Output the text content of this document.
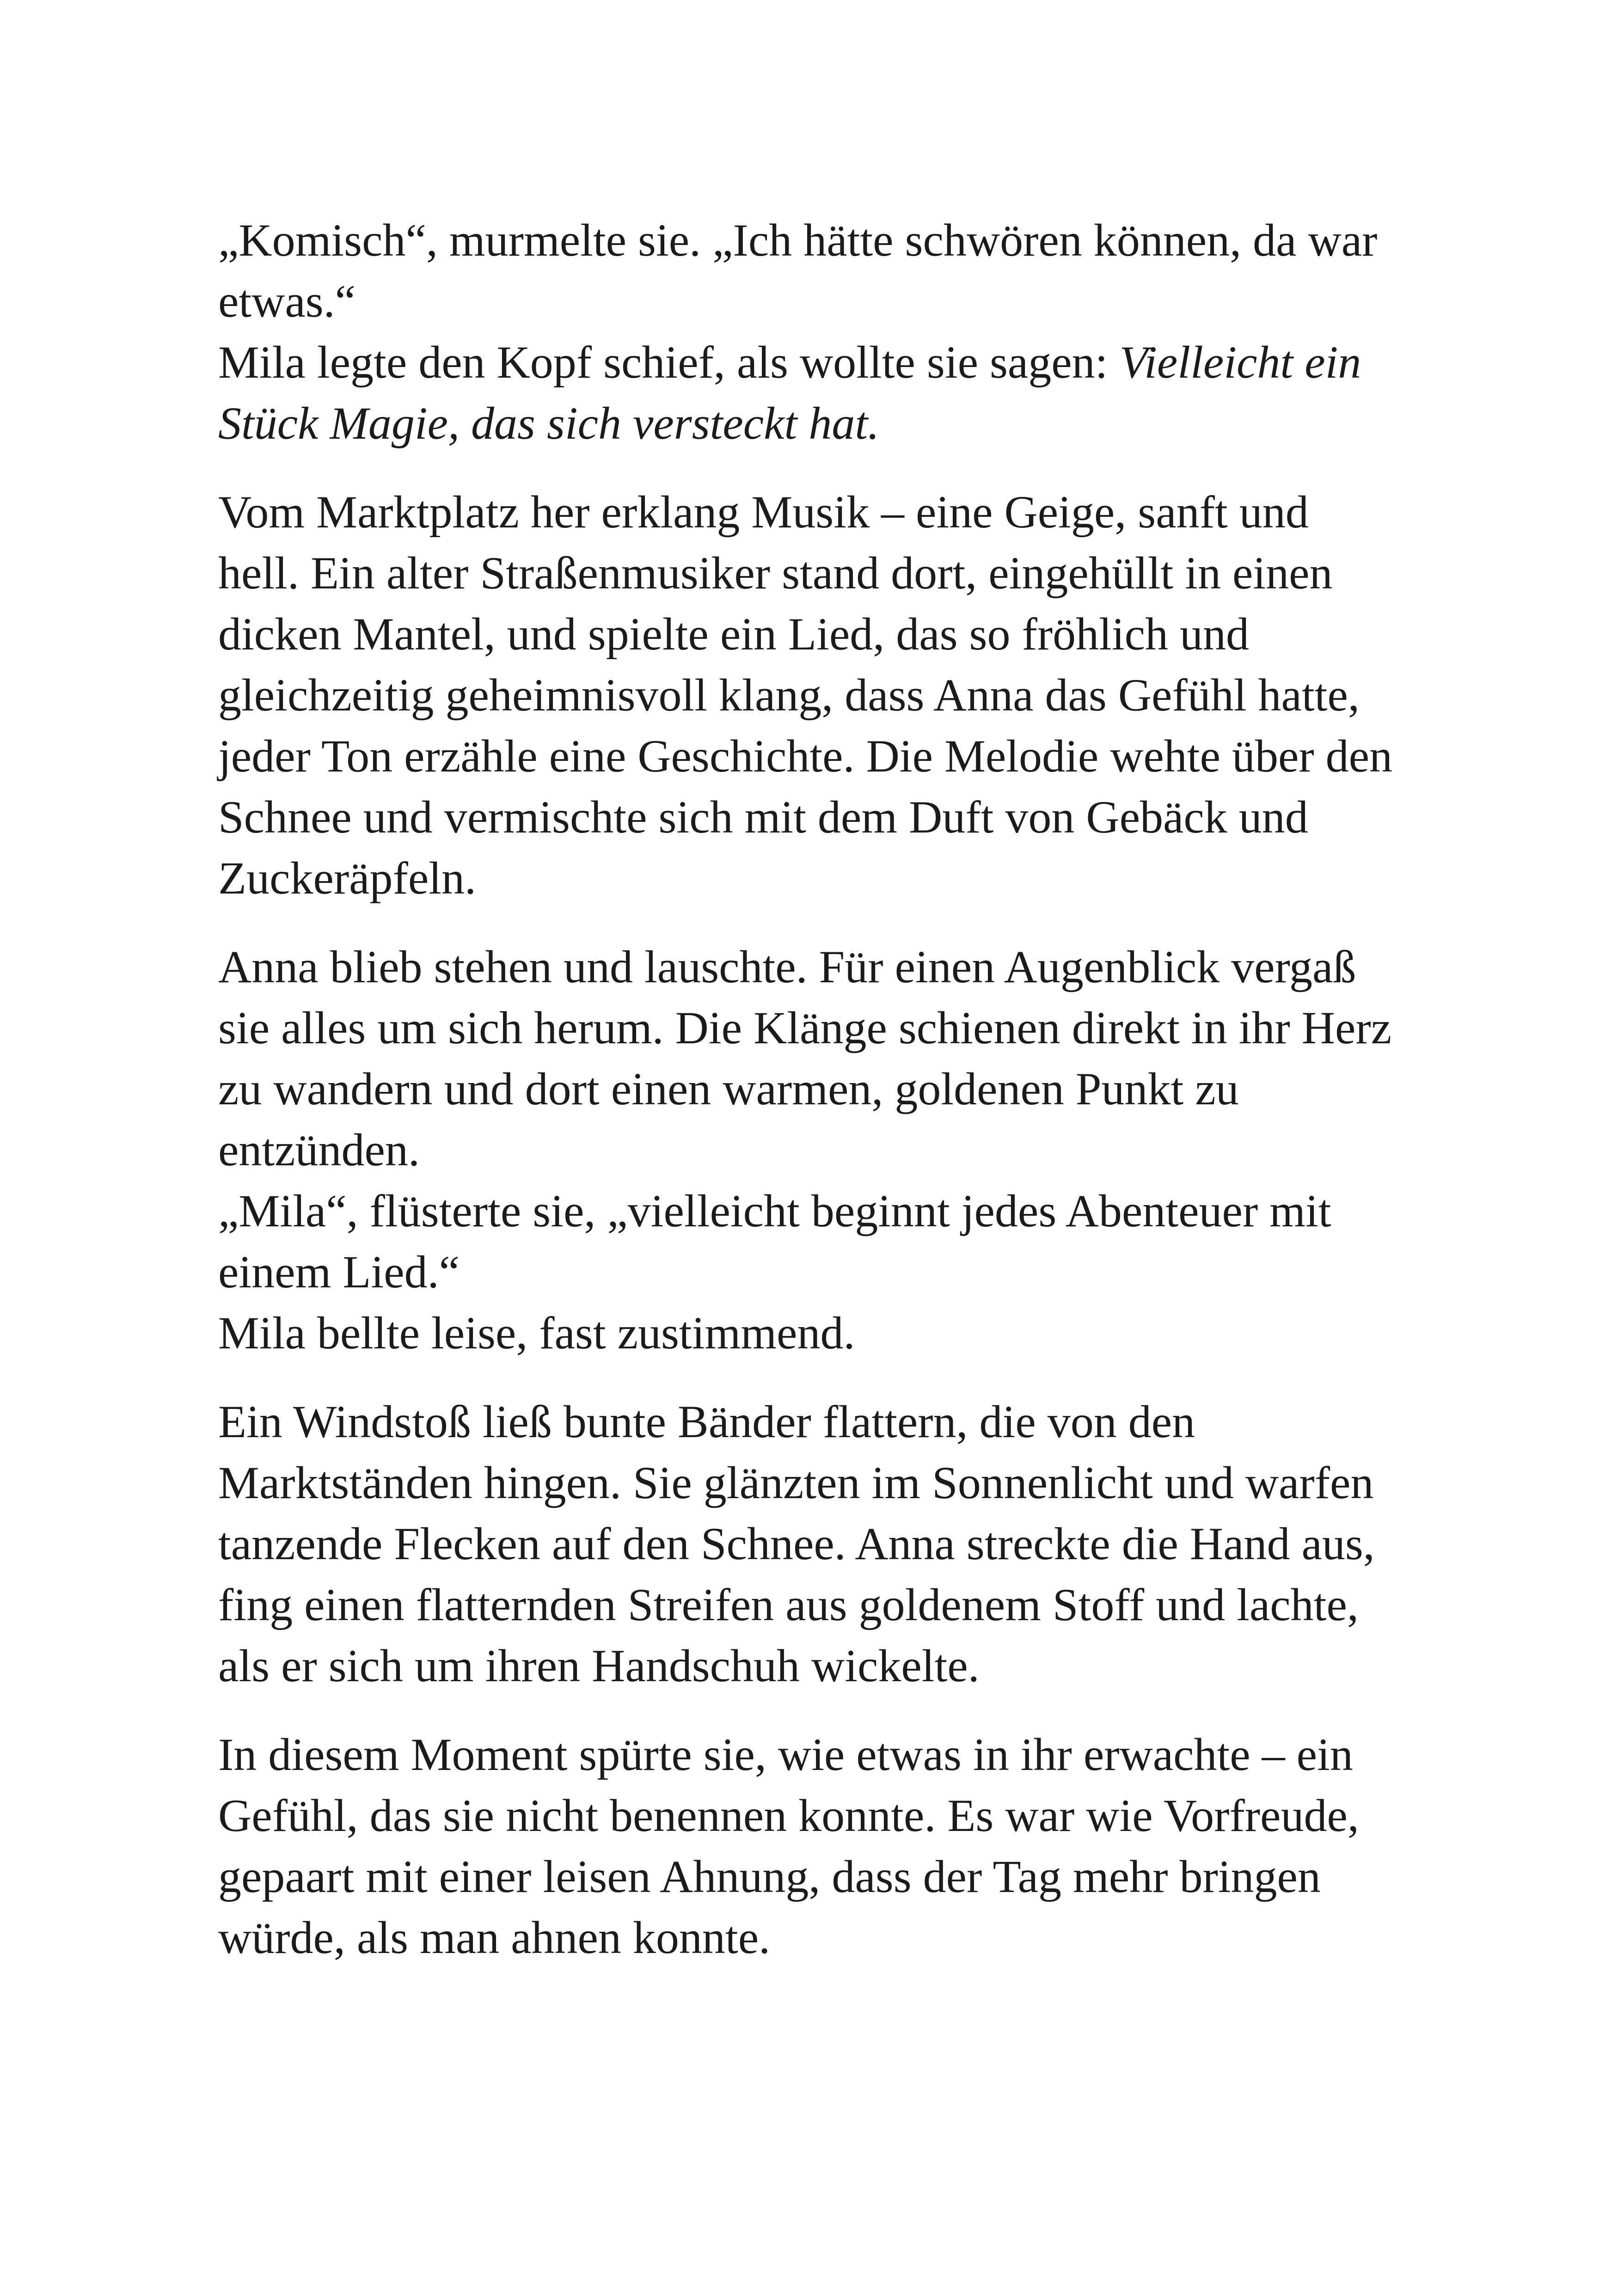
„Komisch“, murmelte sie. „Ich hätte schwören können, da war
etwas.“
Mila legte den Kopf schief, als wollte sie sagen: Vielleicht ein
Stück Magie, das sich versteckt hat.

Vom Marktplatz her erklang Musik – eine Geige, sanft und
hell. Ein alter Straßenmusiker stand dort, eingehüllt in einen
dicken Mantel, und spielte ein Lied, das so fröhlich und
gleichzeitig geheimnisvoll klang, dass Anna das Gefühl hatte,
jeder Ton erzähle eine Geschichte. Die Melodie wehte über den
Schnee und vermischte sich mit dem Duft von Gebäck und
Zuckeräpfeln.

Anna blieb stehen und lauschte. Für einen Augenblick vergaß
sie alles um sich herum. Die Klänge schienen direkt in ihr Herz
zu wandern und dort einen warmen, goldenen Punkt zu
entzünden.
„Mila“, flüsterte sie, „vielleicht beginnt jedes Abenteuer mit
einem Lied.“
Mila bellte leise, fast zustimmend.

Ein Windstoß ließ bunte Bänder flattern, die von den
Marktständen hingen. Sie glänzten im Sonnenlicht und warfen
tanzende Flecken auf den Schnee. Anna streckte die Hand aus,
fing einen flatternden Streifen aus goldenem Stoff und lachte,
als er sich um ihren Handschuh wickelte.

In diesem Moment spürte sie, wie etwas in ihr erwachte – ein
Gefühl, das sie nicht benennen konnte. Es war wie Vorfreude,
gepaart mit einer leisen Ahnung, dass der Tag mehr bringen
würde, als man ahnen konnte.
